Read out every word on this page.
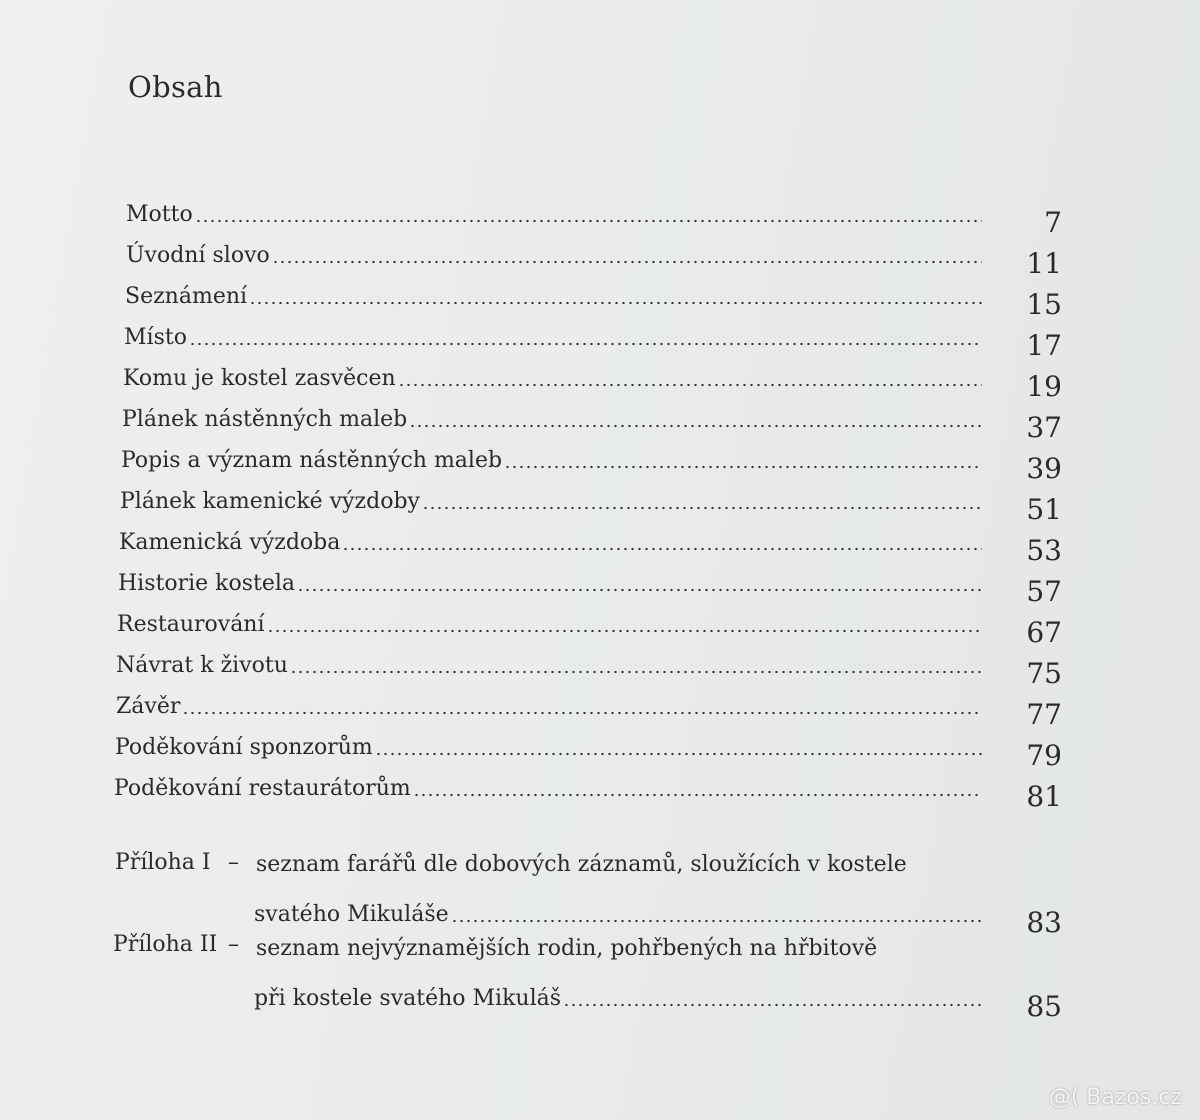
Obsah
Motto	7
Úvodní slovo	11
Seznámení	15
Místo	17
Komu je kostel zasvěcen	19
Plánek nástěnných maleb	37
Popis a význam nástěnných maleb	39
Plánek kamenické výzdoby	51
Kamenická výzdoba	53
Historie kostela	57
Restaurování	67
Návrat k životu	75
Závěr	77
Poděkování sponzorům	79
Poděkování restaurátorům	81
Příloha I – seznam farářů dle dobových záznamů, sloužících v kostele
svatého Mikuláše	83
Příloha II – seznam nejvýznamějších rodin, pohřbených na hřbitově
při kostele svatého Mikuláš	85
@( Bazos.cz
